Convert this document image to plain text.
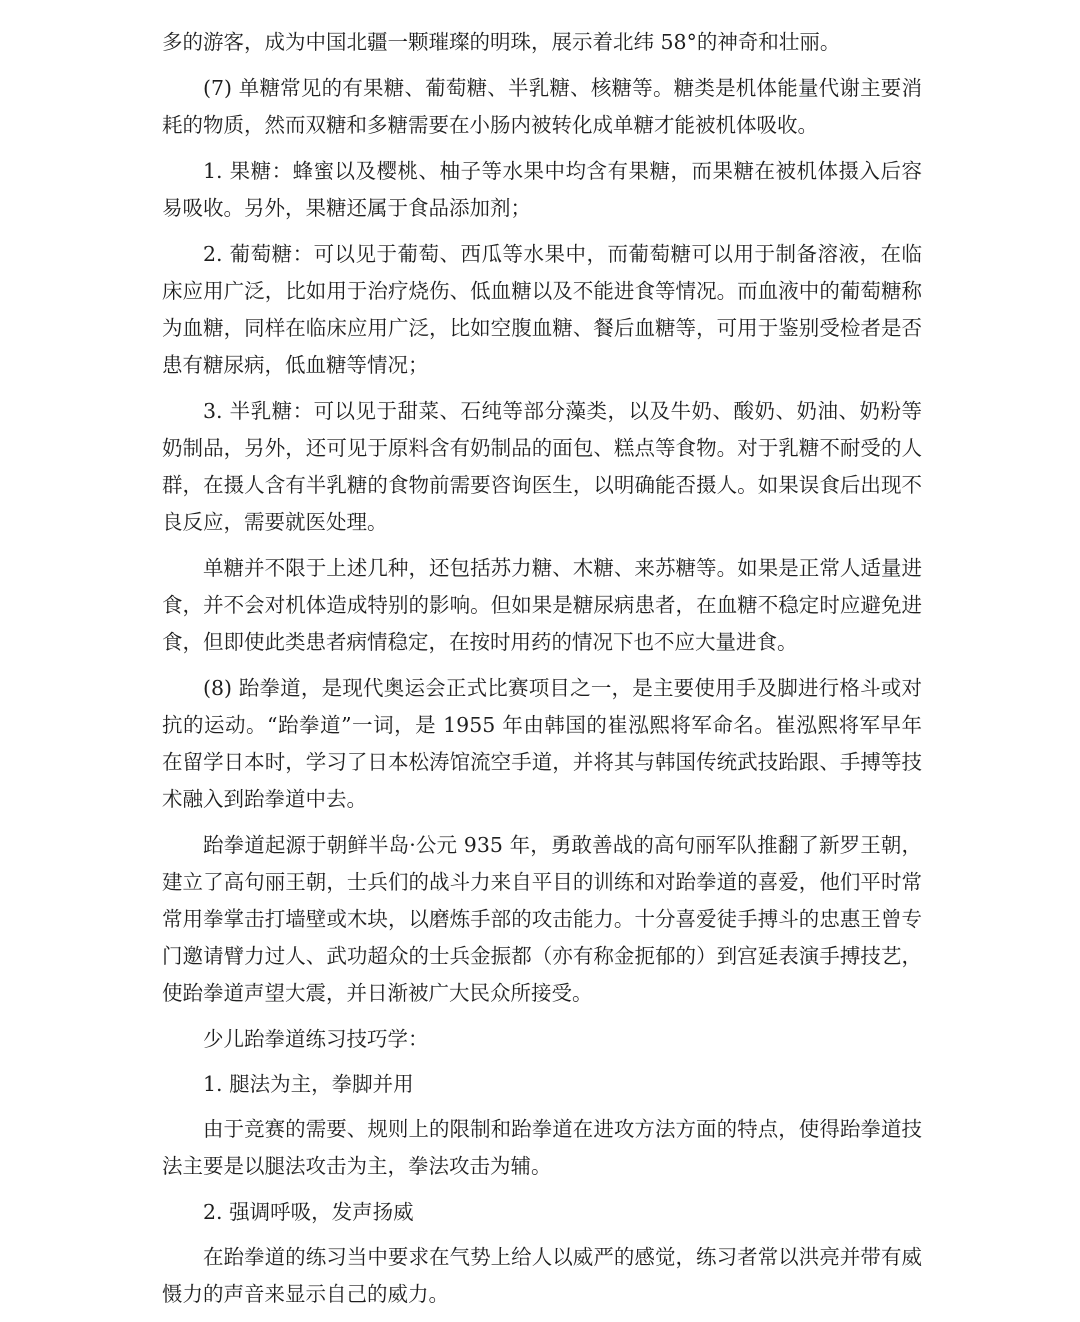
多的游客，成为中国北疆一颗璀璨的明珠，展示着北纬 58°的神奇和壮丽。

(7) 单糖常见的有果糖、葡萄糖、半乳糖、核糖等。糖类是机体能量代谢主要消耗的物质，然而双糖和多糖需要在小肠内被转化成单糖才能被机体吸收。

1. 果糖：蜂蜜以及樱桃、柚子等水果中均含有果糖，而果糖在被机体摄入后容易吸收。另外，果糖还属于食品添加剂；

2. 葡萄糖：可以见于葡萄、西瓜等水果中，而葡萄糖可以用于制备溶液，在临床应用广泛，比如用于治疗烧伤、低血糖以及不能进食等情况。而血液中的葡萄糖称为血糖，同样在临床应用广泛，比如空腹血糖、餐后血糖等，可用于鉴别受检者是否患有糖尿病，低血糖等情况；

3. 半乳糖：可以见于甜菜、石纯等部分藻类，以及牛奶、酸奶、奶油、奶粉等奶制品，另外，还可见于原料含有奶制品的面包、糕点等食物。对于乳糖不耐受的人群，在摄人含有半乳糖的食物前需要咨询医生，以明确能否摄人。如果误食后出现不良反应，需要就医处理。

单糖并不限于上述几种，还包括苏力糖、木糖、来苏糖等。如果是正常人适量进食，并不会对机体造成特别的影响。但如果是糖尿病患者，在血糖不稳定时应避免进食，但即使此类患者病情稳定，在按时用药的情况下也不应大量进食。

(8) 跆拳道，是现代奥运会正式比赛项目之一，是主要使用手及脚进行格斗或对抗的运动。“跆拳道”一词，是 1955 年由韩国的崔泓熙将军命名。崔泓熙将军早年在留学日本时，学习了日本松涛馆流空手道，并将其与韩国传统武技跆跟、手搏等技术融入到跆拳道中去。

跆拳道起源于朝鲜半岛·公元 935 年，勇敢善战的高句丽军队推翻了新罗王朝，建立了高句丽王朝，士兵们的战斗力来自平目的训练和对跆拳道的喜爱，他们平时常常用拳掌击打墙壁或木块，以磨炼手部的攻击能力。十分喜爱徒手搏斗的忠惠王曾专门邀请臂力过人、武功超众的士兵金振都（亦有称金扼郁的）到宫延表演手搏技艺，使跆拳道声望大震，并日渐被广大民众所接受。

少儿跆拳道练习技巧学：

1. 腿法为主，拳脚并用

由于竞赛的需要、规则上的限制和跆拳道在进攻方法方面的特点，使得跆拳道技法主要是以腿法攻击为主，拳法攻击为辅。

2. 强调呼吸，发声扬威

在跆拳道的练习当中要求在气势上给人以威严的感觉，练习者常以洪亮并带有威慑力的声音来显示自己的威力。
